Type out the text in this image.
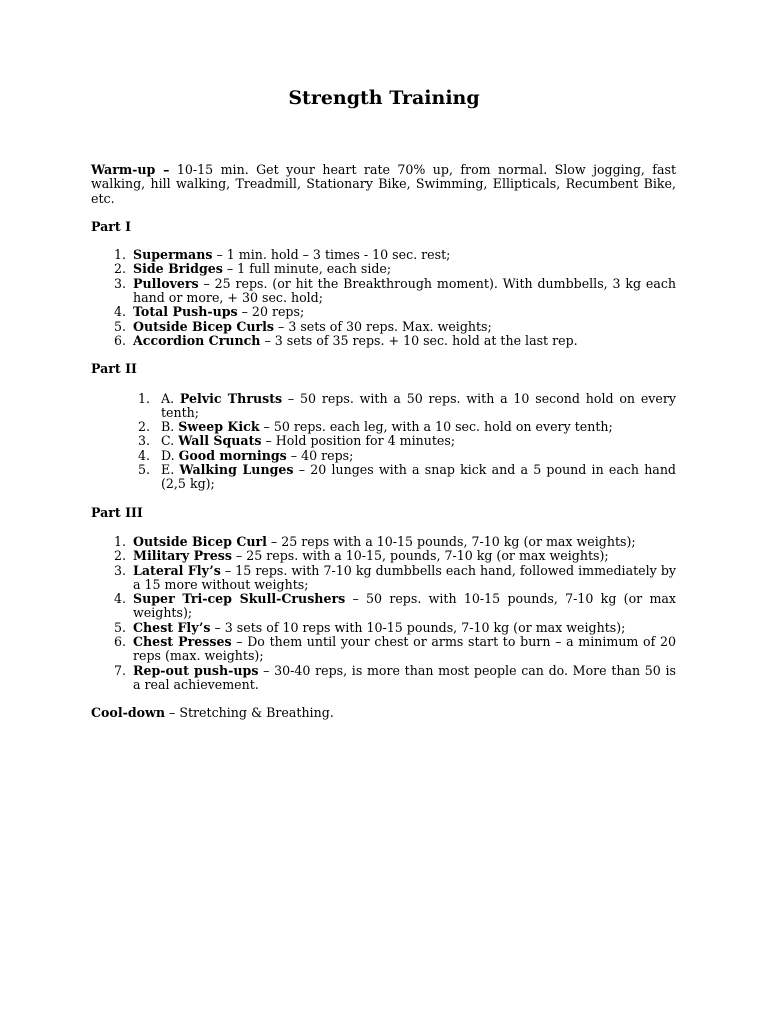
Strength Training

Warm-up – 10-15 min. Get your heart rate 70% up, from normal. Slow jogging, fast walking, hill walking, Treadmill, Stationary Bike, Swimming, Ellipticals, Recumbent Bike, etc.

Part I

1. Supermans – 1 min. hold – 3 times - 10 sec. rest;
2. Side Bridges – 1 full minute, each side;
3. Pullovers – 25 reps. (or hit the Breakthrough moment). With dumbbells, 3 kg each hand or more, + 30 sec. hold;
4. Total Push-ups – 20 reps;
5. Outside Bicep Curls – 3 sets of 30 reps. Max. weights;
6. Accordion Crunch – 3 sets of 35 reps. + 10 sec. hold at the last rep.

Part II

1. A. Pelvic Thrusts – 50 reps. with a 50 reps. with a 10 second hold on every tenth;
2. B. Sweep Kick – 50 reps. each leg, with a 10 sec. hold on every tenth;
3. C. Wall Squats – Hold position for 4 minutes;
4. D. Good mornings – 40 reps;
5. E. Walking Lunges – 20 lunges with a snap kick and a 5 pound in each hand (2,5 kg);

Part III

1. Outside Bicep Curl – 25 reps with a 10-15 pounds, 7-10 kg (or max weights);
2. Military Press – 25 reps. with a 10-15, pounds, 7-10 kg (or max weights);
3. Lateral Fly’s – 15 reps. with 7-10 kg dumbbells each hand, followed immediately by a 15 more without weights;
4. Super Tri-cep Skull-Crushers – 50 reps. with 10-15 pounds, 7-10 kg (or max weights);
5. Chest Fly’s – 3 sets of 10 reps with 10-15 pounds, 7-10 kg (or max weights);
6. Chest Presses – Do them until your chest or arms start to burn – a minimum of 20 reps (max. weights);
7. Rep-out push-ups – 30-40 reps, is more than most people can do. More than 50 is a real achievement.

Cool-down – Stretching & Breathing.
